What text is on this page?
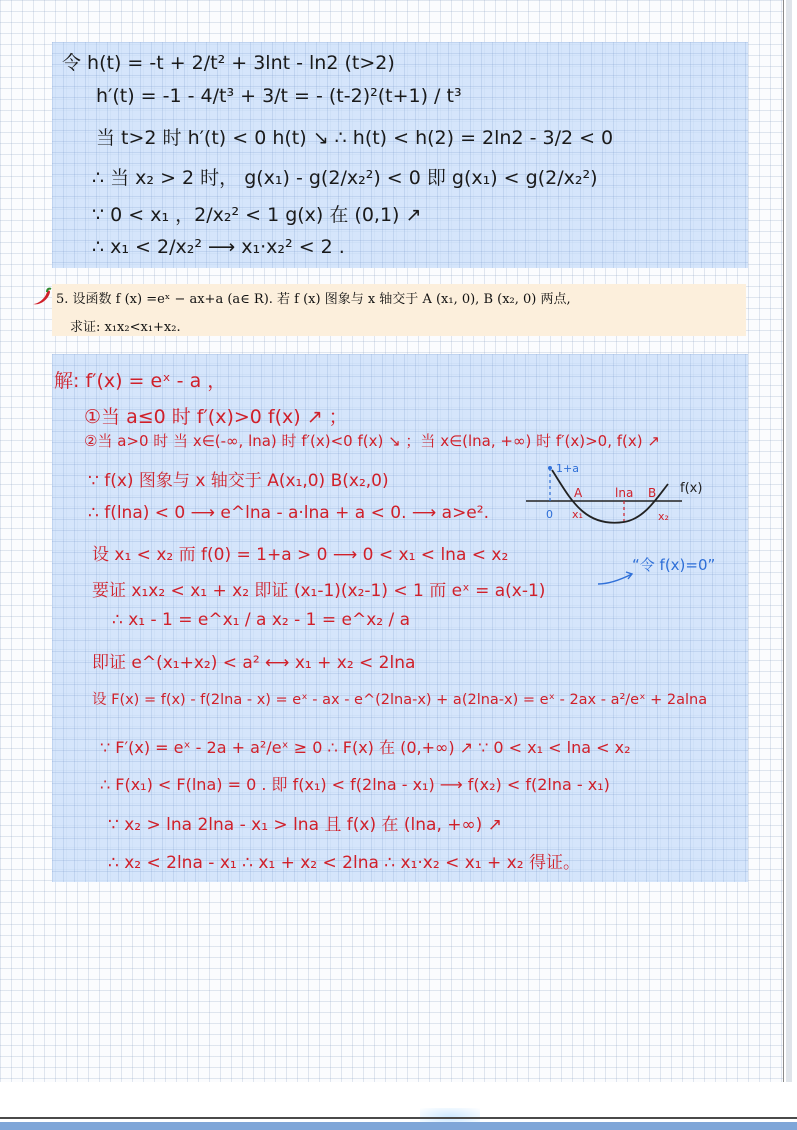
令 h(t) = -t + 2/t² + 3lnt - ln2 (t>2)
h′(t) = -1 - 4/t³ + 3/t = - (t-2)²(t+1) / t³
当 t>2 时 h′(t) < 0 h(t) ↘ ∴ h(t) < h(2) = 2ln2 - 3/2 < 0
∴ 当 x₂ > 2 时， g(x₁) - g(2/x₂²) < 0 即 g(x₁) < g(2/x₂²)
∵ 0 < x₁ ，2/x₂² < 1 g(x) 在 (0,1) ↗
∴ x₁ < 2/x₂² ⟶ x₁·x₂² < 2 .
5. 设函数 f (x) =eˣ − ax+a (a∈ R). 若 f (x) 图象与 x 轴交于 A (x₁, 0), B (x₂, 0) 两点,
求证: x₁x₂<x₁+x₂.
解: f′(x) = eˣ - a ，
①当 a≤0 时 f′(x)>0 f(x) ↗ ；
②当 a>0 时 当 x∈(-∞, lna) 时 f′(x)<0 f(x) ↘ ；当 x∈(lna, +∞) 时 f′(x)>0, f(x) ↗
∵ f(x) 图象与 x 轴交于 A(x₁,0) B(x₂,0)
∴ f(lna) < 0 ⟶ e^lna - a·lna + a < 0. ⟶ a>e².
设 x₁ < x₂ 而 f(0) = 1+a > 0 ⟶ 0 < x₁ < lna < x₂
要证 x₁x₂ < x₁ + x₂ 即证 (x₁-1)(x₂-1) < 1 而 eˣ = a(x-1)
∴ x₁ - 1 = e^x₁ / a x₂ - 1 = e^x₂ / a
即证 e^(x₁+x₂) < a² ⟷ x₁ + x₂ < 2lna
设 F(x) = f(x) - f(2lna - x) = eˣ - ax - e^(2lna-x) + a(2lna-x) = eˣ - 2ax - a²/eˣ + 2alna
∵ F′(x) = eˣ - 2a + a²/eˣ ≥ 0 ∴ F(x) 在 (0,+∞) ↗ ∵ 0 < x₁ < lna < x₂
∴ F(x₁) < F(lna) = 0 . 即 f(x₁) < f(2lna - x₁) ⟶ f(x₂) < f(2lna - x₁)
∵ x₂ > lna 2lna - x₁ > lna 且 f(x) 在 (lna, +∞) ↗
∴ x₂ < 2lna - x₁ ∴ x₁ + x₂ < 2lna ∴ x₁·x₂ < x₁ + x₂ 得证。
1+a
A	lna B
0 x₁	x₂
f(x)
“令 f(x)=0”
